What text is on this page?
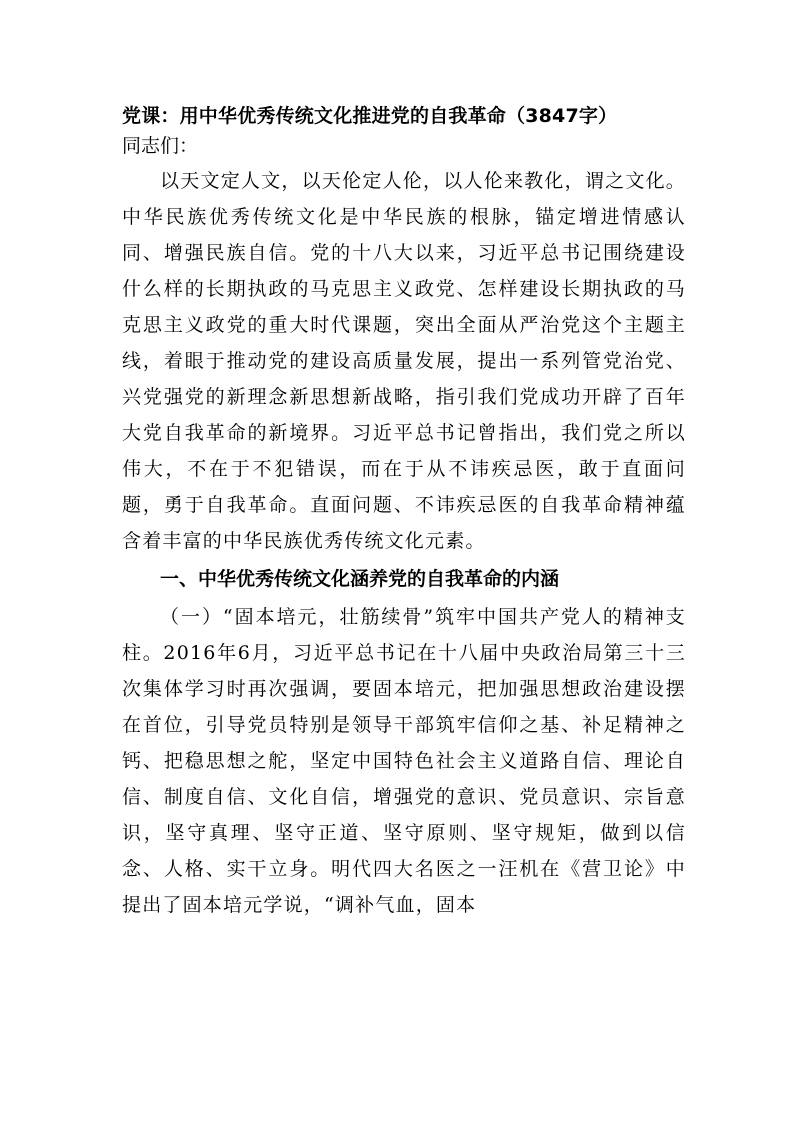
党课：用中华优秀传统文化推进党的自我革命（3847字）

同志们：

以天文定人文，以天伦定人伦，以人伦来教化，谓之文化。中华民族优秀传统文化是中华民族的根脉，锚定增进情感认同、增强民族自信。党的十八大以来，习近平总书记围绕建设什么样的长期执政的马克思主义政党、怎样建设长期执政的马克思主义政党的重大时代课题，突出全面从严治党这个主题主线，着眼于推动党的建设高质量发展，提出一系列管党治党、兴党强党的新理念新思想新战略，指引我们党成功开辟了百年大党自我革命的新境界。习近平总书记曾指出，我们党之所以伟大，不在于不犯错误，而在于从不讳疾忌医，敢于直面问题，勇于自我革命。直面问题、不讳疾忌医的自我革命精神蕴含着丰富的中华民族优秀传统文化元素。

一、中华优秀传统文化涵养党的自我革命的内涵

（一）“固本培元，壮筋续骨”筑牢中国共产党人的精神支柱。2016年6月，习近平总书记在十八届中央政治局第三十三次集体学习时再次强调，要固本培元，把加强思想政治建设摆在首位，引导党员特别是领导干部筑牢信仰之基、补足精神之钙、把稳思想之舵，坚定中国特色社会主义道路自信、理论自信、制度自信、文化自信，增强党的意识、党员意识、宗旨意识，坚守真理、坚守正道、坚守原则、坚守规矩，做到以信念、人格、实干立身。明代四大名医之一汪机在《营卫论》中提出了固本培元学说，“调补气血，固本
